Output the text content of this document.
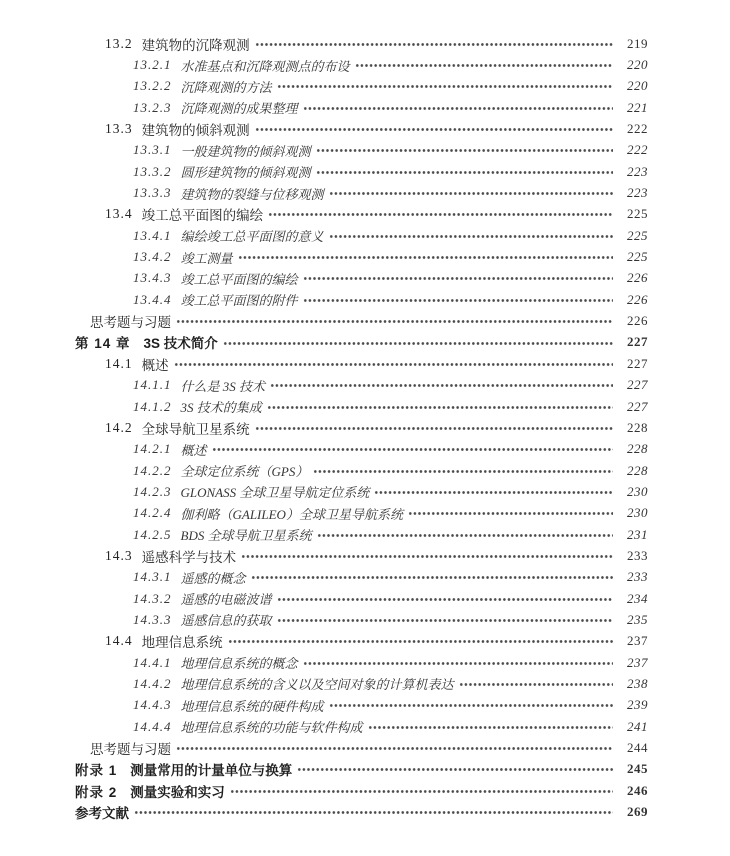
13.2 建筑物的沉降观测	219
13.2.1 水准基点和沉降观测点的布设	220
13.2.2 沉降观测的方法	220
13.2.3 沉降观测的成果整理	221
13.3 建筑物的倾斜观测	222
13.3.1 一般建筑物的倾斜观测	222
13.3.2 圆形建筑物的倾斜观测	223
13.3.3 建筑物的裂缝与位移观测	223
13.4 竣工总平面图的编绘	225
13.4.1 编绘竣工总平面图的意义	225
13.4.2 竣工测量	225
13.4.3 竣工总平面图的编绘	226
13.4.4 竣工总平面图的附件	226
思考题与习题	226
第 14 章 3S 技术简介	227
14.1 概述	227
14.1.1 什么是 3S 技术	227
14.1.2 3S 技术的集成	227
14.2 全球导航卫星系统	228
14.2.1 概述	228
14.2.2 全球定位系统（GPS）	228
14.2.3 GLONASS 全球卫星导航定位系统	230
14.2.4 伽利略（GALILEO）全球卫星导航系统	230
14.2.5 BDS 全球导航卫星系统	231
14.3 遥感科学与技术	233
14.3.1 遥感的概念	233
14.3.2 遥感的电磁波谱	234
14.3.3 遥感信息的获取	235
14.4 地理信息系统	237
14.4.1 地理信息系统的概念	237
14.4.2 地理信息系统的含义以及空间对象的计算机表达	238
14.4.3 地理信息系统的硬件构成	239
14.4.4 地理信息系统的功能与软件构成	241
思考题与习题	244
附录 1 测量常用的计量单位与换算	245
附录 2 测量实验和实习	246
参考文献	269
